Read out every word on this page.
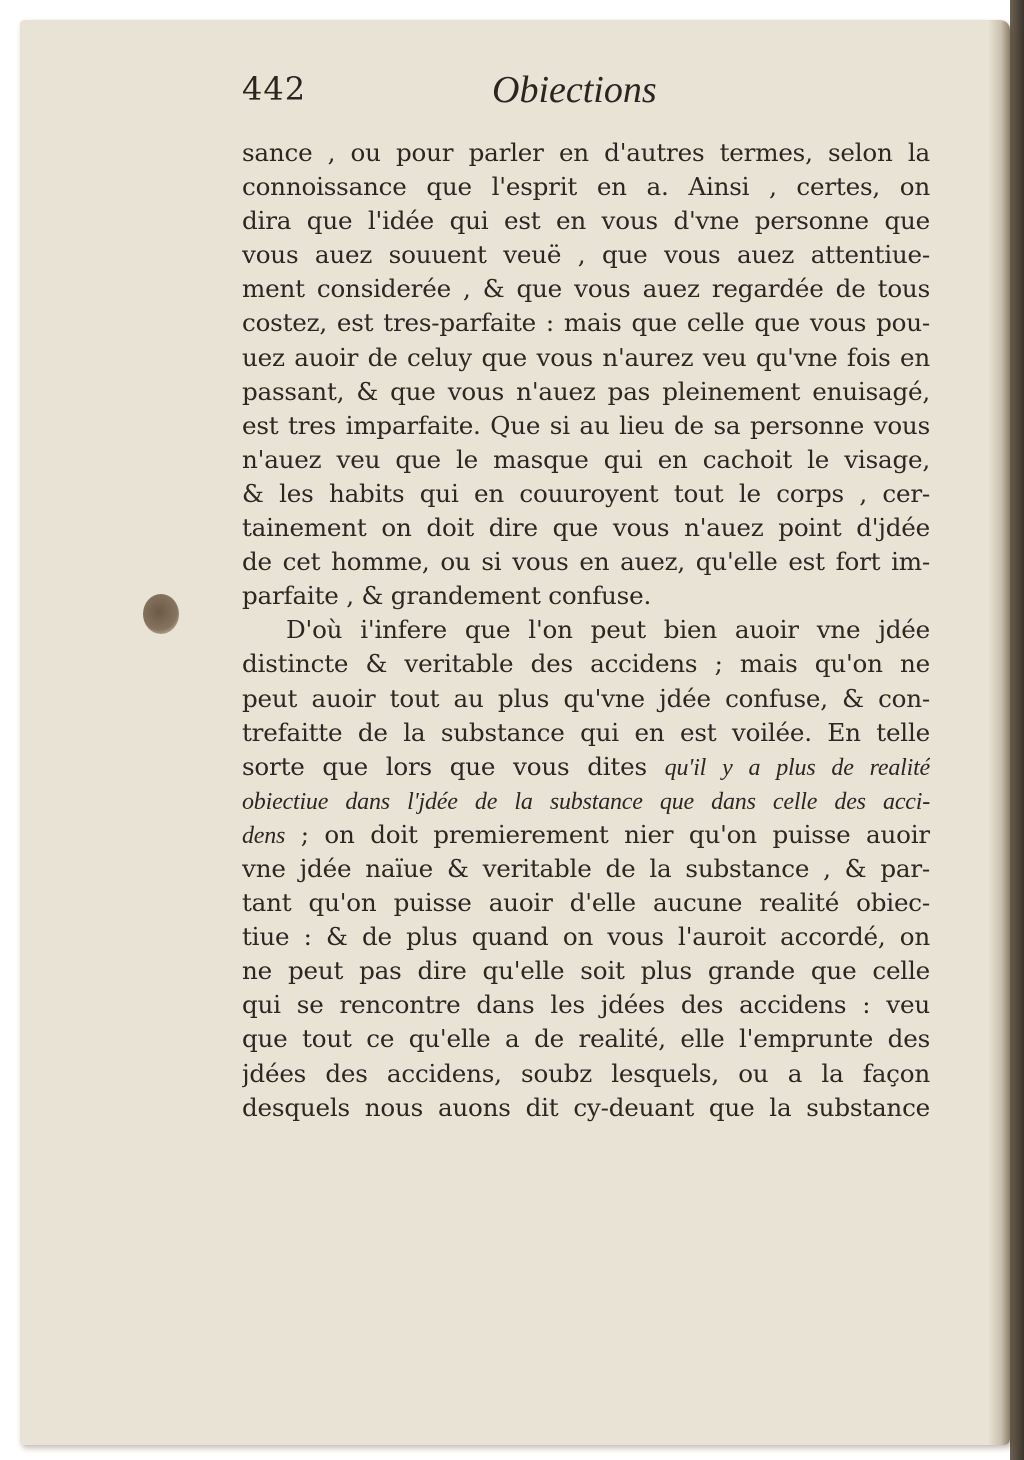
442	Obiections
sance , ou pour parler en d'autres termes, selon la
connoissance que l'esprit en a. Ainsi , certes, on
dira que l'idée qui est en vous d'vne personne que
vous auez souuent veuë , que vous auez attentiue-
ment considerée , & que vous auez regardée de tous
costez, est tres-parfaite : mais que celle que vous pou-
uez auoir de celuy que vous n'aurez veu qu'vne fois en
passant, & que vous n'auez pas pleinement enuisagé,
est tres imparfaite. Que si au lieu de sa personne vous
n'auez veu que le masque qui en cachoit le visage,
& les habits qui en couuroyent tout le corps , cer-
tainement on doit dire que vous n'auez point d'jdée
de cet homme, ou si vous en auez, qu'elle est fort im-
parfaite , & grandement confuse.
D'où i'infere que l'on peut bien auoir vne jdée
distincte & veritable des accidens ; mais qu'on ne
peut auoir tout au plus qu'vne jdée confuse, & con-
trefaitte de la substance qui en est voilée. En telle
sorte que lors que vous dites qu'il y a plus de realité
obiectiue dans l'jdée de la substance que dans celle des acci-
dens ; on doit premierement nier qu'on puisse auoir
vne jdée naïue & veritable de la substance , & par-
tant qu'on puisse auoir d'elle aucune realité obiec-
tiue : & de plus quand on vous l'auroit accordé, on
ne peut pas dire qu'elle soit plus grande que celle
qui se rencontre dans les jdées des accidens : veu
que tout ce qu'elle a de realité, elle l'emprunte des
jdées des accidens, soubz lesquels, ou a la façon
desquels nous auons dit cy-deuant que la substance
